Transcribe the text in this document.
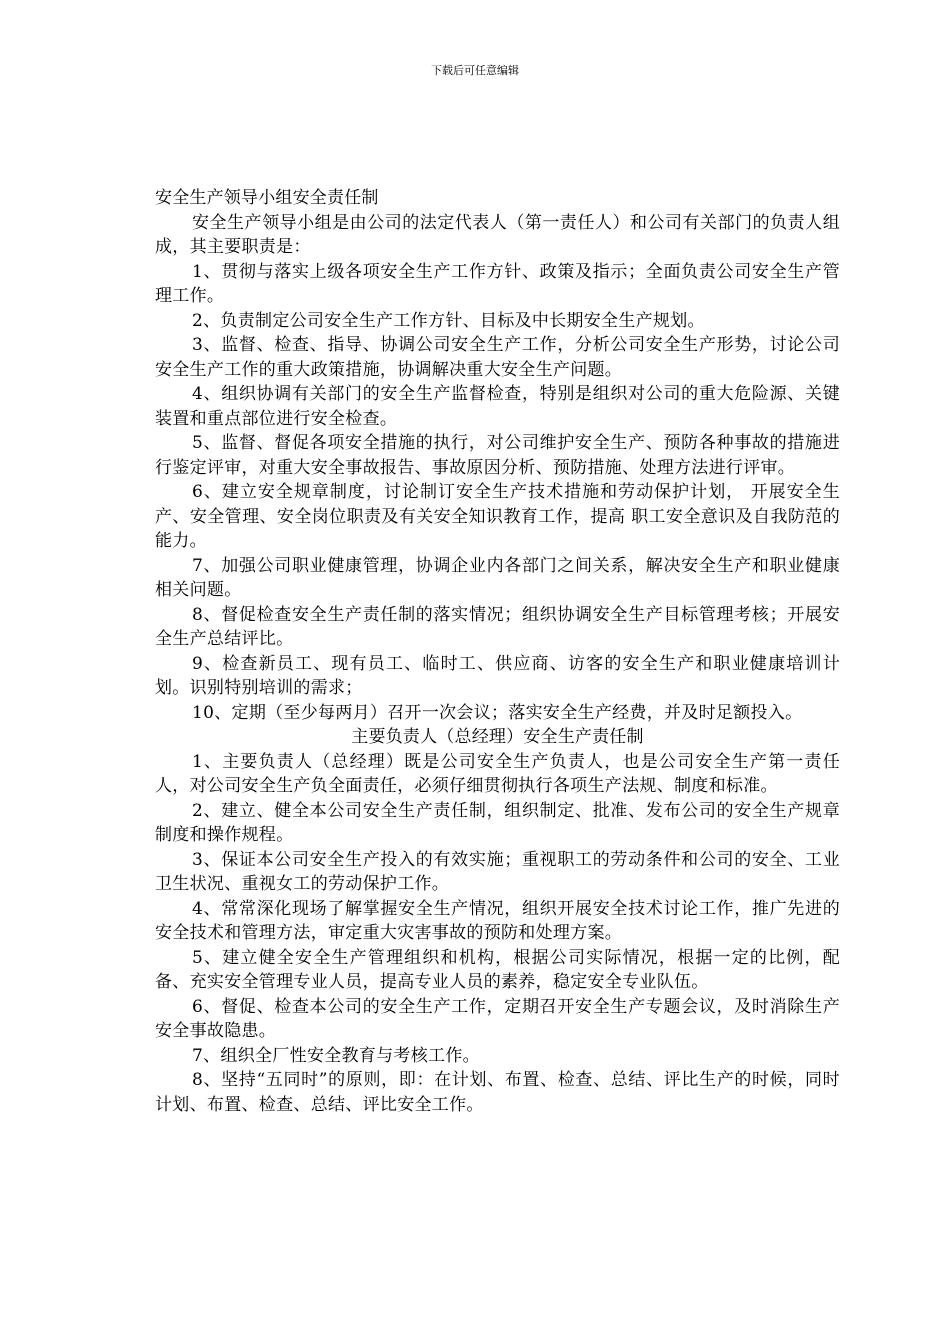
下载后可任意编辑
安全生产领导小组安全责任制

安全生产领导小组是由公司的法定代表人（第一责任人）和公司有关部门的负责人组成，其主要职责是：

1、贯彻与落实上级各项安全生产工作方针、政策及指示；全面负责公司安全生产管理工作。

2、负责制定公司安全生产工作方针、目标及中长期安全生产规划。

3、监督、检查、指导、协调公司安全生产工作，分析公司安全生产形势，讨论公司安全生产工作的重大政策措施，协调解决重大安全生产问题。

4、组织协调有关部门的安全生产监督检查，特别是组织对公司的重大危险源、关键装置和重点部位进行安全检查。

5、监督、督促各项安全措施的执行，对公司维护安全生产、预防各种事故的措施进行鉴定评审，对重大安全事故报告、事故原因分析、预防措施、处理方法进行评审。

6、建立安全规章制度，讨论制订安全生产技术措施和劳动保护计划， 开展安全生产、安全管理、安全岗位职责及有关安全知识教育工作，提高 职工安全意识及自我防范的能力。

7、加强公司职业健康管理，协调企业内各部门之间关系，解决安全生产和职业健康相关问题。

8、督促检查安全生产责任制的落实情况；组织协调安全生产目标管理考核；开展安全生产总结评比。

9、检查新员工、现有员工、临时工、供应商、访客的安全生产和职业健康培训计划。识别特别培训的需求；

10、定期（至少每两月）召开一次会议；落实安全生产经费，并及时足额投入。

主要负责人（总经理）安全生产责任制

1、主要负责人（总经理）既是公司安全生产负责人，也是公司安全生产第一责任人，对公司安全生产负全面责任，必须仔细贯彻执行各项生产法规、制度和标准。

2、建立、健全本公司安全生产责任制，组织制定、批准、发布公司的安全生产规章制度和操作规程。

3、保证本公司安全生产投入的有效实施；重视职工的劳动条件和公司的安全、工业卫生状况、重视女工的劳动保护工作。

4、常常深化现场了解掌握安全生产情况，组织开展安全技术讨论工作，推广先进的安全技术和管理方法，审定重大灾害事故的预防和处理方案。

5、建立健全安全生产管理组织和机构，根据公司实际情况，根据一定的比例，配备、充实安全管理专业人员，提高专业人员的素养，稳定安全专业队伍。

6、督促、检查本公司的安全生产工作，定期召开安全生产专题会议，及时消除生产安全事故隐患。

7、组织全厂性安全教育与考核工作。

8、坚持“五同时”的原则，即：在计划、布置、检查、总结、评比生产的时候，同时计划、布置、检查、总结、评比安全工作。
